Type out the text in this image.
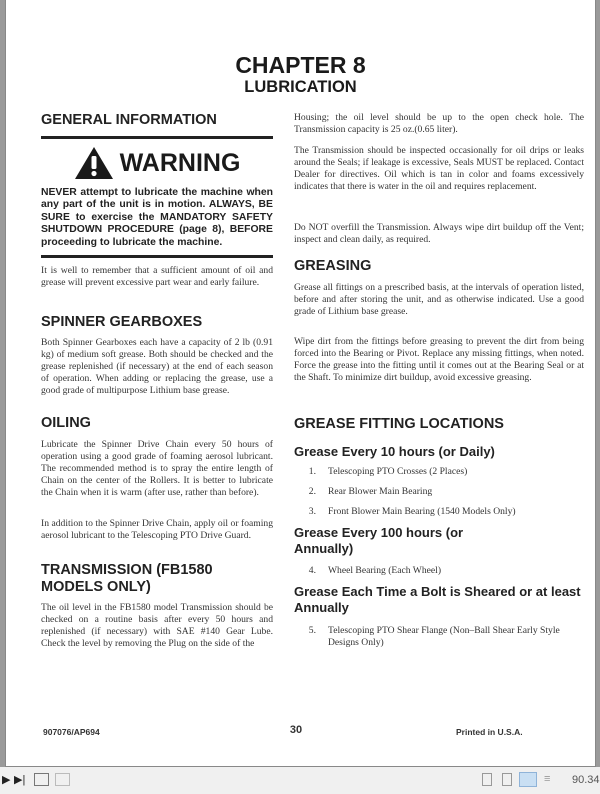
CHAPTER 8
LUBRICATION
GENERAL INFORMATION
WARNING
NEVER attempt to lubricate the machine when any part of the unit is in motion. ALWAYS, BE SURE to exercise the MANDATORY SAFETY SHUTDOWN PROCEDURE (page 8), BEFORE proceeding to lubricate the machine.

It is well to remember that a sufficient amount of oil and grease will prevent excessive part wear and early failure.

SPINNER GEARBOXES

Both Spinner Gearboxes each have a capacity of 2 lb (0.91 kg) of medium soft grease. Both should be checked and the grease replenished (if necessary) at the end of each season of operation. When adding or replacing the grease, use a good grade of multipurpose Lithium base grease.

OILING

Lubricate the Spinner Drive Chain every 50 hours of operation using a good grade of foaming aerosol lubricant. The recommended method is to spray the entire length of Chain on the center of the Rollers. It is better to lubricate the Chain when it is warm (after use, rather than before).

In addition to the Spinner Drive Chain, apply oil or foaming aerosol lubricant to the Telescoping PTO Drive Guard.

TRANSMISSION (FB1580 MODELS ONLY)

The oil level in the FB1580 model Transmission should be checked on a routine basis after every 50 hours and replenished (if necessary) with SAE #140 Gear Lube. Check the level by removing the Plug on the side of the

Housing; the oil level should be up to the open check hole. The Transmission capacity is 25 oz.(0.65 liter).

The Transmission should be inspected occasionally for oil drips or leaks around the Seals; if leakage is excessive, Seals MUST be replaced. Contact Dealer for directives. Oil which is tan in color and foams excessively indicates that there is water in the oil and requires replacement.

Do NOT overfill the Transmission. Always wipe dirt buildup off the Vent; inspect and clean daily, as required.

GREASING

Grease all fittings on a prescribed basis, at the intervals of operation listed, before and after storing the unit, and as otherwise indicated. Use a good grade of Lithium base grease.

Wipe dirt from the fittings before greasing to prevent the dirt from being forced into the Bearing or Pivot. Replace any missing fittings, when noted. Force the grease into the fitting until it comes out at the Bearing Seal or at the Shaft. To minimize dirt buildup, avoid excessive greasing.

GREASE FITTING LOCATIONS
Grease Every 10 hours (or Daily)
1. Telescoping PTO Crosses (2 Places)
2. Rear Blower Main Bearing
3. Front Blower Main Bearing (1540 Models Only)
Grease Every 100 hours (or Annually)
4. Wheel Bearing (Each Wheel)
Grease Each Time a Bolt is Sheared or at least Annually
5. Telescoping PTO Shear Flange (Non–Ball Shear Early Style Designs Only)
907076/AP694	30	Printed in U.S.A.
▶ ▶|	≡ 90.34
